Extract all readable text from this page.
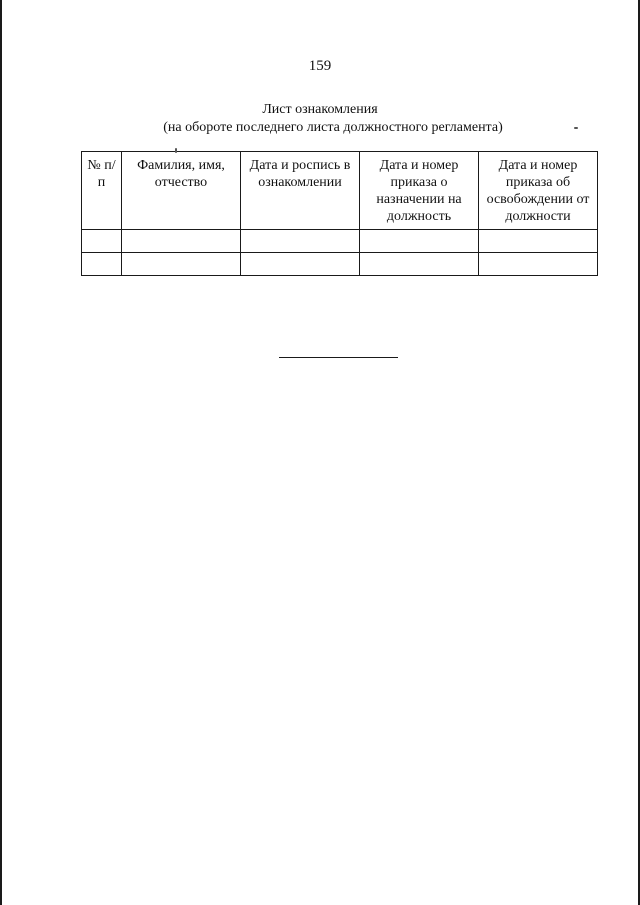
159
Лист ознакомления

(на обороте последнего листа должностного регламента)
№ п/п	Фамилия, имя, отчество	Дата и роспись в ознакомлении	Дата и номер приказа о назначении на должность	Дата и номер приказа об освобождении от должности
